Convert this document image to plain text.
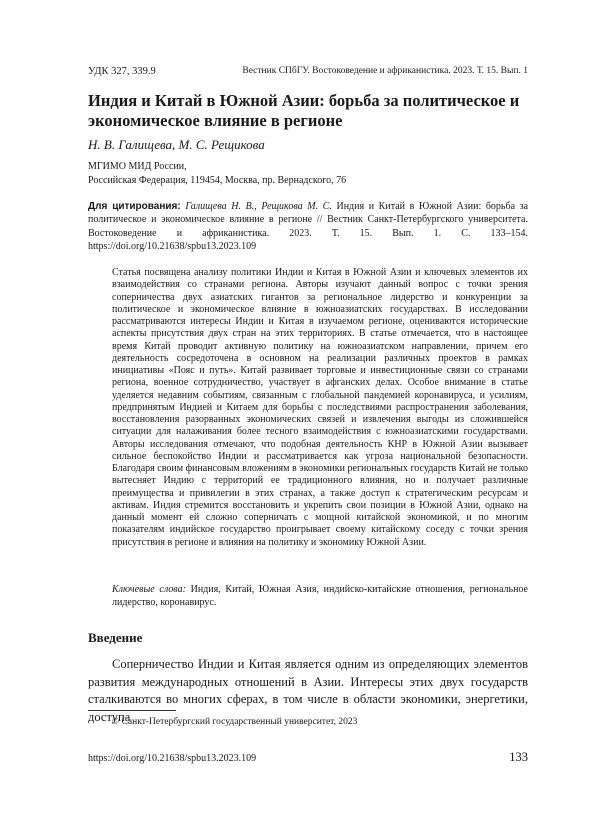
УДК 327, 339.9	Вестник СПбГУ. Востоковедение и африканистика. 2023. Т. 15. Вып. 1
Индия и Китай в Южной Азии: борьба за политическое и экономическое влияние в регионе
Н. В. Галищева, М. С. Рещикова
МГИМО МИД России,
Российская Федерация, 119454, Москва, пр. Вернадского, 76
Для цитирования: Галищева Н. В., Рещикова М. С. Индия и Китай в Южной Азии: борьба за политическое и экономическое влияние в регионе // Вестник Санкт-Петербургского университета. Востоковедение и африканистика. 2023. Т. 15. Вып. 1. С. 133–154. https://doi.org/10.21638/spbu13.2023.109

Статья посвящена анализу политики Индии и Китая в Южной Азии и ключевых элементов их взаимодействия со странами региона. Авторы изучают данный вопрос с точки зрения соперничества двух азиатских гигантов за региональное лидерство и конкуренции за политическое и экономическое влияние в южноазиатских государствах. В исследовании рассматриваются интересы Индии и Китая в изучаемом регионе, оцениваются исторические аспекты присутствия двух стран на этих территориях. В статье отмечается, что в настоящее время Китай проводит активную политику на южноазиатском направлении, причем его деятельность сосредоточена в основном на реализации различных проектов в рамках инициативы «Пояс и путь». Китай развивает торговые и инвестиционные связи со странами региона, военное сотрудничество, участвует в афганских делах. Особое внимание в статье уделяется недавним событиям, связанным с глобальной пандемией коронавируса, и усилиям, предпринятым Индией и Китаем для борьбы с последствиями распространения заболевания, восстановления разорванных экономических связей и извлечения выгоды из сложившейся ситуации для налаживания более тесного взаимодействия с южноазиатскими государствами. Авторы исследования отмечают, что подобная деятельность КНР в Южной Азии вызывает сильное беспокойство Индии и рассматривается как угроза национальной безопасности. Благодаря своим финансовым вложениям в экономики региональных государств Китай не только вытесняет Индию с территорий ее традиционного влияния, но и получает различные преимущества и привилегии в этих странах, а также доступ к стратегическим ресурсам и активам. Индия стремится восстановить и укрепить свои позиции в Южной Азии, однако на данный момент ей сложно соперничать с мощной китайской экономикой, и по многим показателям индийское государство проигрывает своему китайскому соседу с точки зрения присутствия в регионе и влияния на политику и экономику Южной Азии.

Ключевые слова: Индия, Китай, Южная Азия, индийско-китайские отношения, региональное лидерство, коронавирус.

Введение

Соперничество Индии и Китая является одним из определяющих элементов развития международных отношений в Азии. Интересы этих двух государств сталкиваются во многих сферах, в том числе в области экономики, энергетики, доступа

© Санкт-Петербургский государственный университет, 2023
https://doi.org/10.21638/spbu13.2023.109	133
